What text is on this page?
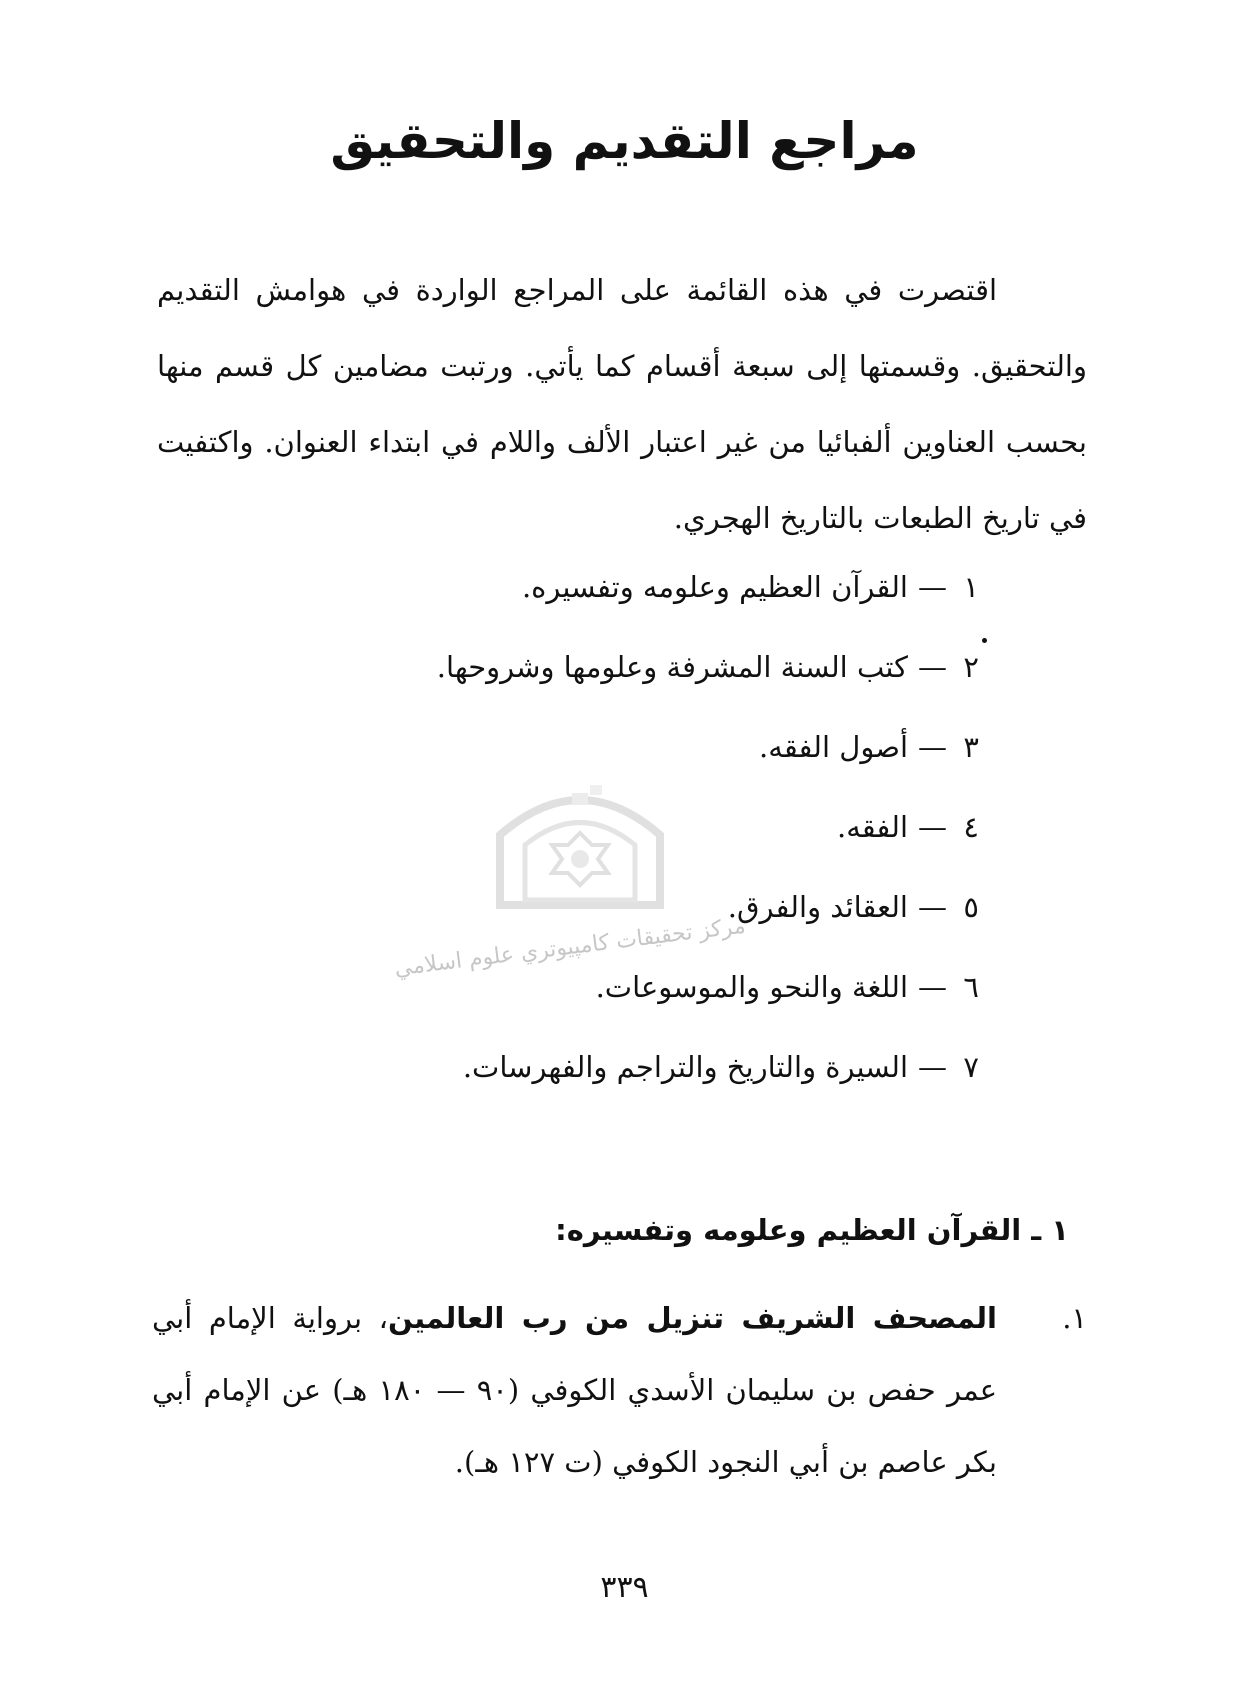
مراجع التقديم والتحقيق

اقتصرت في هذه القائمة على المراجع الواردة في هوامش التقديم والتحقيق. وقسمتها إلى سبعة أقسام كما يأتي. ورتبت مضامين كل قسم منها بحسب العناوين ألفبائيا من غير اعتبار الألف واللام في ابتداء العنوان. واكتفيت في تاريخ الطبعات بالتاريخ الهجري.

١—القرآن العظيم وعلومه وتفسيره.
٢—كتب السنة المشرفة وعلومها وشروحها.
٣—أصول الفقه.
٤—الفقه.
٥—العقائد والفرق.
٦—اللغة والنحو والموسوعات.
٧—السيرة والتاريخ والتراجم والفهرسات.
مركز تحقيقات كامپيوتري علوم اسلامي
١ ـ القرآن العظيم وعلومه وتفسيره:
١.

المصحف الشريف تنزيل من رب العالمين، برواية الإمام أبي عمر حفص بن سليمان الأسدي الكوفي (٩٠ — ١٨٠ هـ) عن الإمام أبي بكر عاصم بن أبي النجود الكوفي (ت ١٢٧ هـ).

٣٣٩
